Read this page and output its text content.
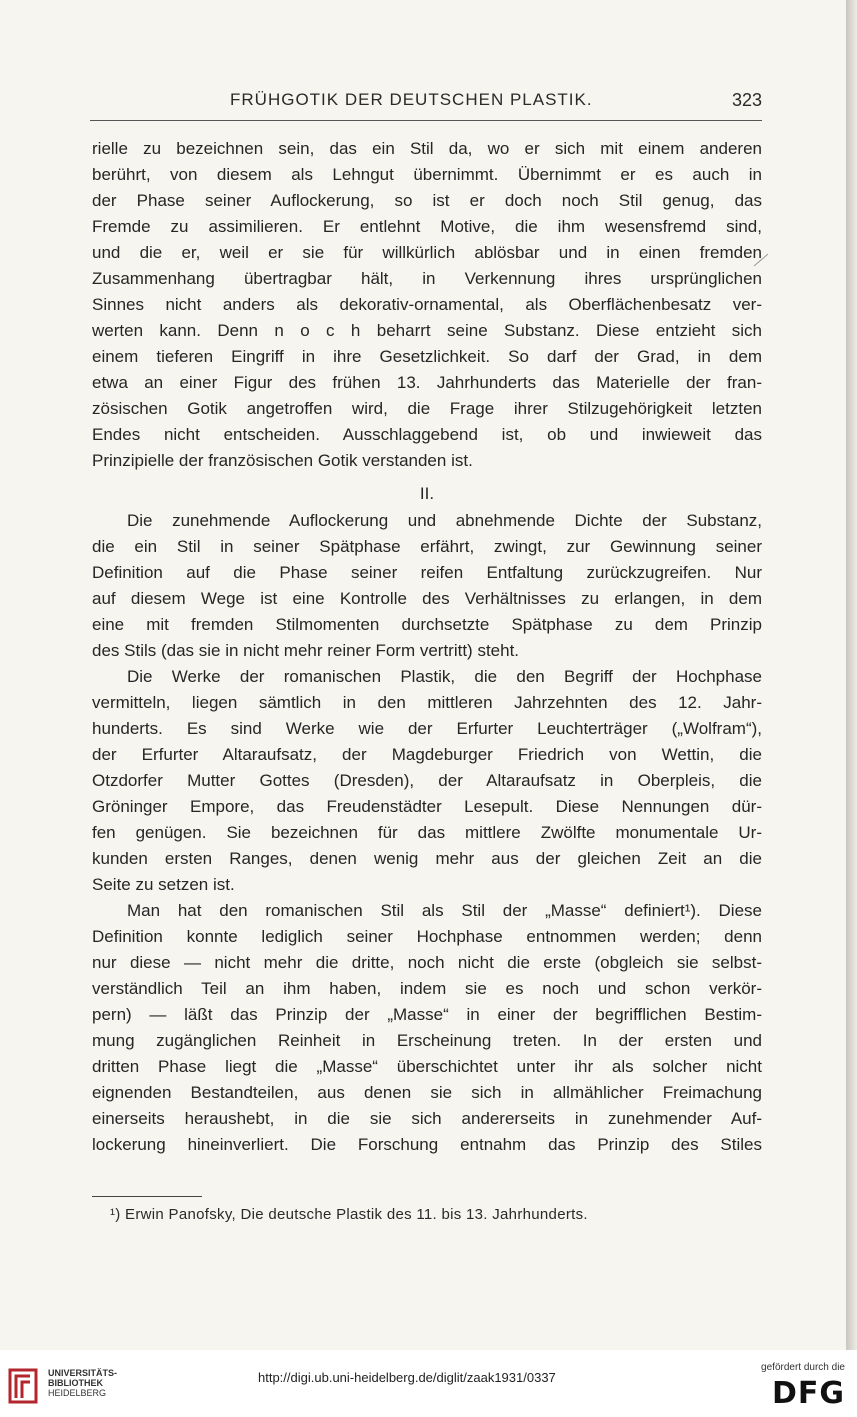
FRÜHGOTIK DER DEUTSCHEN PLASTIK.	323
rielle zu bezeichnen sein, das ein Stil da, wo er sich mit einem anderen
berührt, von diesem als Lehngut übernimmt. Übernimmt er es auch in
der Phase seiner Auflockerung, so ist er doch noch Stil genug, das
Fremde zu assimilieren. Er entlehnt Motive, die ihm wesensfremd sind,
und die er, weil er sie für willkürlich ablösbar und in einen fremden
Zusammenhang übertragbar hält, in Verkennung ihres ursprünglichen
Sinnes nicht anders als dekorativ-ornamental, als Oberflächenbesatz ver-
werten kann. Denn n o c h beharrt seine Substanz. Diese entzieht sich
einem tieferen Eingriff in ihre Gesetzlichkeit. So darf der Grad, in dem
etwa an einer Figur des frühen 13. Jahrhunderts das Materielle der fran-
zösischen Gotik angetroffen wird, die Frage ihrer Stilzugehörigkeit letzten
Endes nicht entscheiden. Ausschlaggebend ist, ob und inwieweit das
Prinzipielle der französischen Gotik verstanden ist.
II.
Die zunehmende Auflockerung und abnehmende Dichte der Substanz,
die ein Stil in seiner Spätphase erfährt, zwingt, zur Gewinnung seiner
Definition auf die Phase seiner reifen Entfaltung zurückzugreifen. Nur
auf diesem Wege ist eine Kontrolle des Verhältnisses zu erlangen, in dem
eine mit fremden Stilmomenten durchsetzte Spätphase zu dem Prinzip
des Stils (das sie in nicht mehr reiner Form vertritt) steht.
Die Werke der romanischen Plastik, die den Begriff der Hochphase
vermitteln, liegen sämtlich in den mittleren Jahrzehnten des 12. Jahr-
hunderts. Es sind Werke wie der Erfurter Leuchterträger („Wolfram“),
der Erfurter Altaraufsatz, der Magdeburger Friedrich von Wettin, die
Otzdorfer Mutter Gottes (Dresden), der Altaraufsatz in Oberpleis, die
Gröninger Empore, das Freudenstädter Lesepult. Diese Nennungen dür-
fen genügen. Sie bezeichnen für das mittlere Zwölfte monumentale Ur-
kunden ersten Ranges, denen wenig mehr aus der gleichen Zeit an die
Seite zu setzen ist.
Man hat den romanischen Stil als Stil der „Masse“ definiert¹). Diese
Definition konnte lediglich seiner Hochphase entnommen werden; denn
nur diese — nicht mehr die dritte, noch nicht die erste (obgleich sie selbst-
verständlich Teil an ihm haben, indem sie es noch und schon verkör-
pern) — läßt das Prinzip der „Masse“ in einer der begrifflichen Bestim-
mung zugänglichen Reinheit in Erscheinung treten. In der ersten und
dritten Phase liegt die „Masse“ überschichtet unter ihr als solcher nicht
eignenden Bestandteilen, aus denen sie sich in allmählicher Freimachung
einerseits heraushebt, in die sie sich andererseits in zunehmender Auf-
lockerung hineinverliert. Die Forschung entnahm das Prinzip des Stiles
¹) Erwin Panofsky, Die deutsche Plastik des 11. bis 13. Jahrhunderts.
UNIVERSITÄTS-
BIBLIOTHEK
HEIDELBERG
http://digi.ub.uni-heidelberg.de/diglit/zaak1931/0337
gefördert durch die
DFG
